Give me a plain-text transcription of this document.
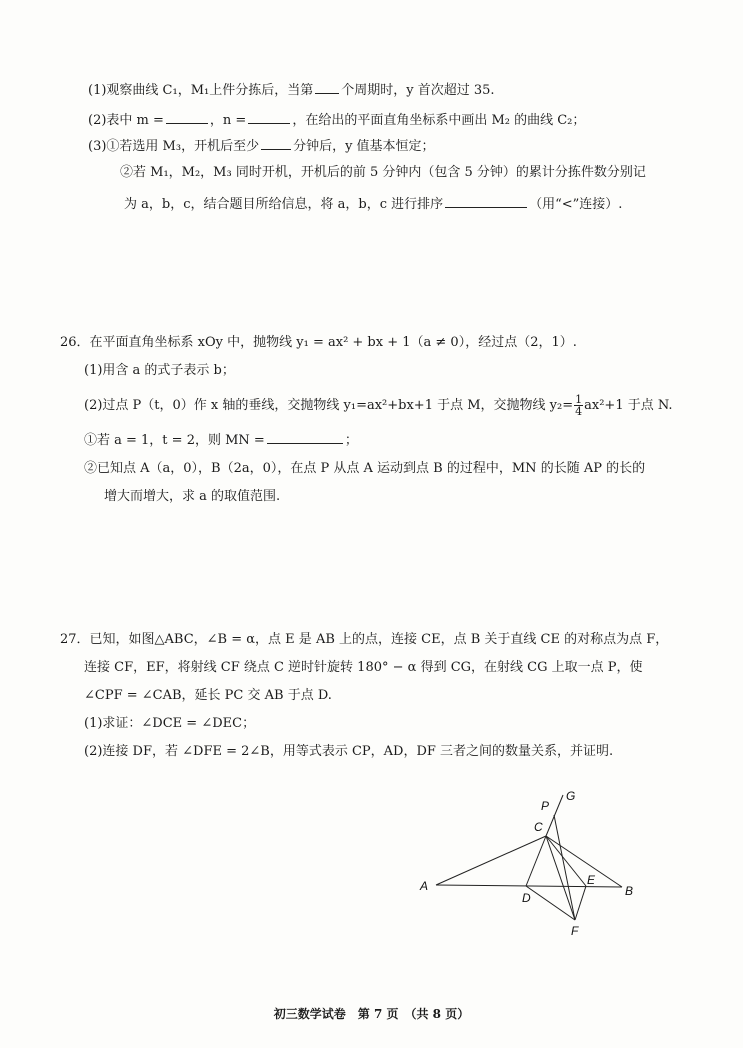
(1)观察曲线 C₁，M₁上件分拣后，当第 个周期时，y 首次超过 35.
(2)表中 m =	，n =	，在给出的平面直角坐标系中画出 M₂ 的曲线 C₂；
(3)①若选用 M₃，开机后至少	分钟后，y 值基本恒定；
②若 M₁，M₂，M₃ 同时开机，开机后的前 5 分钟内（包含 5 分钟）的累计分拣件数分别记
为 a，b，c，结合题目所给信息，将 a，b，c 进行排序	（用“<”连接）.
26．在平面直角坐标系 xOy 中，抛物线 y₁ = ax² + bx + 1（a ≠ 0），经过点（2，1）.
(1)用含 a 的式子表示 b；
(2)过点 P（t，0）作 x 轴的垂线，交抛物线 y₁=ax²+bx+1 于点 M，交抛物线 $y_2= \frac{1}{4} ax^2+1$ 于点 N.
①若 a = 1，t = 2，则 MN =	；
②已知点 A（a，0），B（2a，0），在点 P 从点 A 运动到点 B 的过程中，MN 的长随 AP 的长的
增大而增大，求 a 的取值范围.
27．已知，如图△ABC，∠B = α，点 E 是 AB 上的点，连接 CE，点 B 关于直线 CE 的对称点为点 F，
连接 CF，EF，将射线 CF 绕点 C 逆时针旋转 180° − α 得到 CG，在射线 CG 上取一点 P，使
∠CPF = ∠CAB，延长 PC 交 AB 于点 D.
(1)求证：∠DCE = ∠DEC；
(2)连接 DF，若 ∠DFE = 2∠B，用等式表示 CP，AD，DF 三者之间的数量关系，并证明.
A	B
C
D
E
F
G
P
初三数学试卷　第 7 页　（共 8 页）
